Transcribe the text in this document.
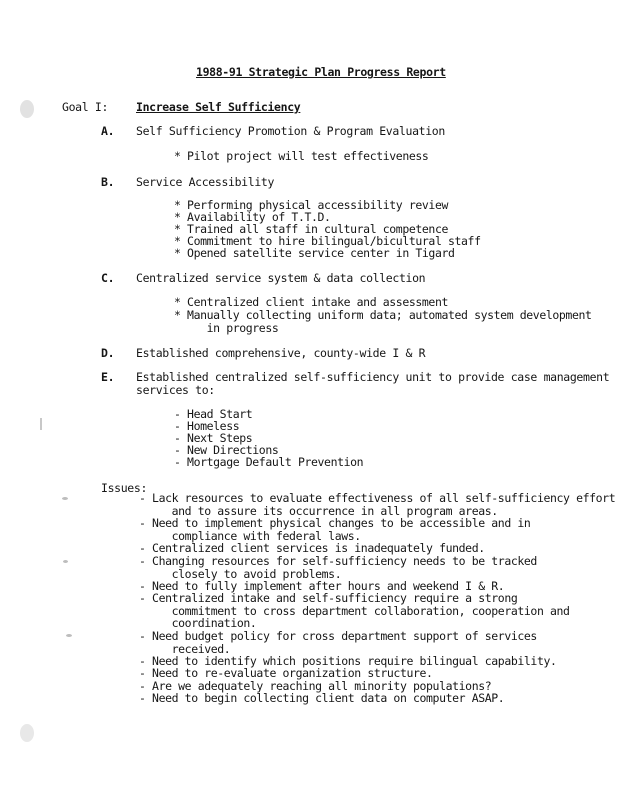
1988-91 Strategic Plan Progress Report
Goal I: Increase Self Sufficiency
A. Self Sufficiency Promotion & Program Evaluation
* Pilot project will test effectiveness
B. Service Accessibility
* Performing physical accessibility review
* Availability of T.T.D.
* Trained all staff in cultural competence
* Commitment to hire bilingual/bicultural staff
* Opened satellite service center in Tigard
C. Centralized service system & data collection
* Centralized client intake and assessment
* Manually collecting uniform data; automated system development
in progress
D. Established comprehensive, county-wide I & R
E. Established centralized self-sufficiency unit to provide case management
services to:
- Head Start
- Homeless
- Next Steps
- New Directions
- Mortgage Default Prevention
Issues:
- Lack resources to evaluate effectiveness of all self-sufficiency effort
and to assure its occurrence in all program areas.
- Need to implement physical changes to be accessible and in
compliance with federal laws.
- Centralized client services is inadequately funded.
- Changing resources for self-sufficiency needs to be tracked
closely to avoid problems.
- Need to fully implement after hours and weekend I & R.
- Centralized intake and self-sufficiency require a strong
commitment to cross department collaboration, cooperation and
coordination.
- Need budget policy for cross department support of services
received.
- Need to identify which positions require bilingual capability.
- Need to re-evaluate organization structure.
- Are we adequately reaching all minority populations?
- Need to begin collecting client data on computer ASAP.
